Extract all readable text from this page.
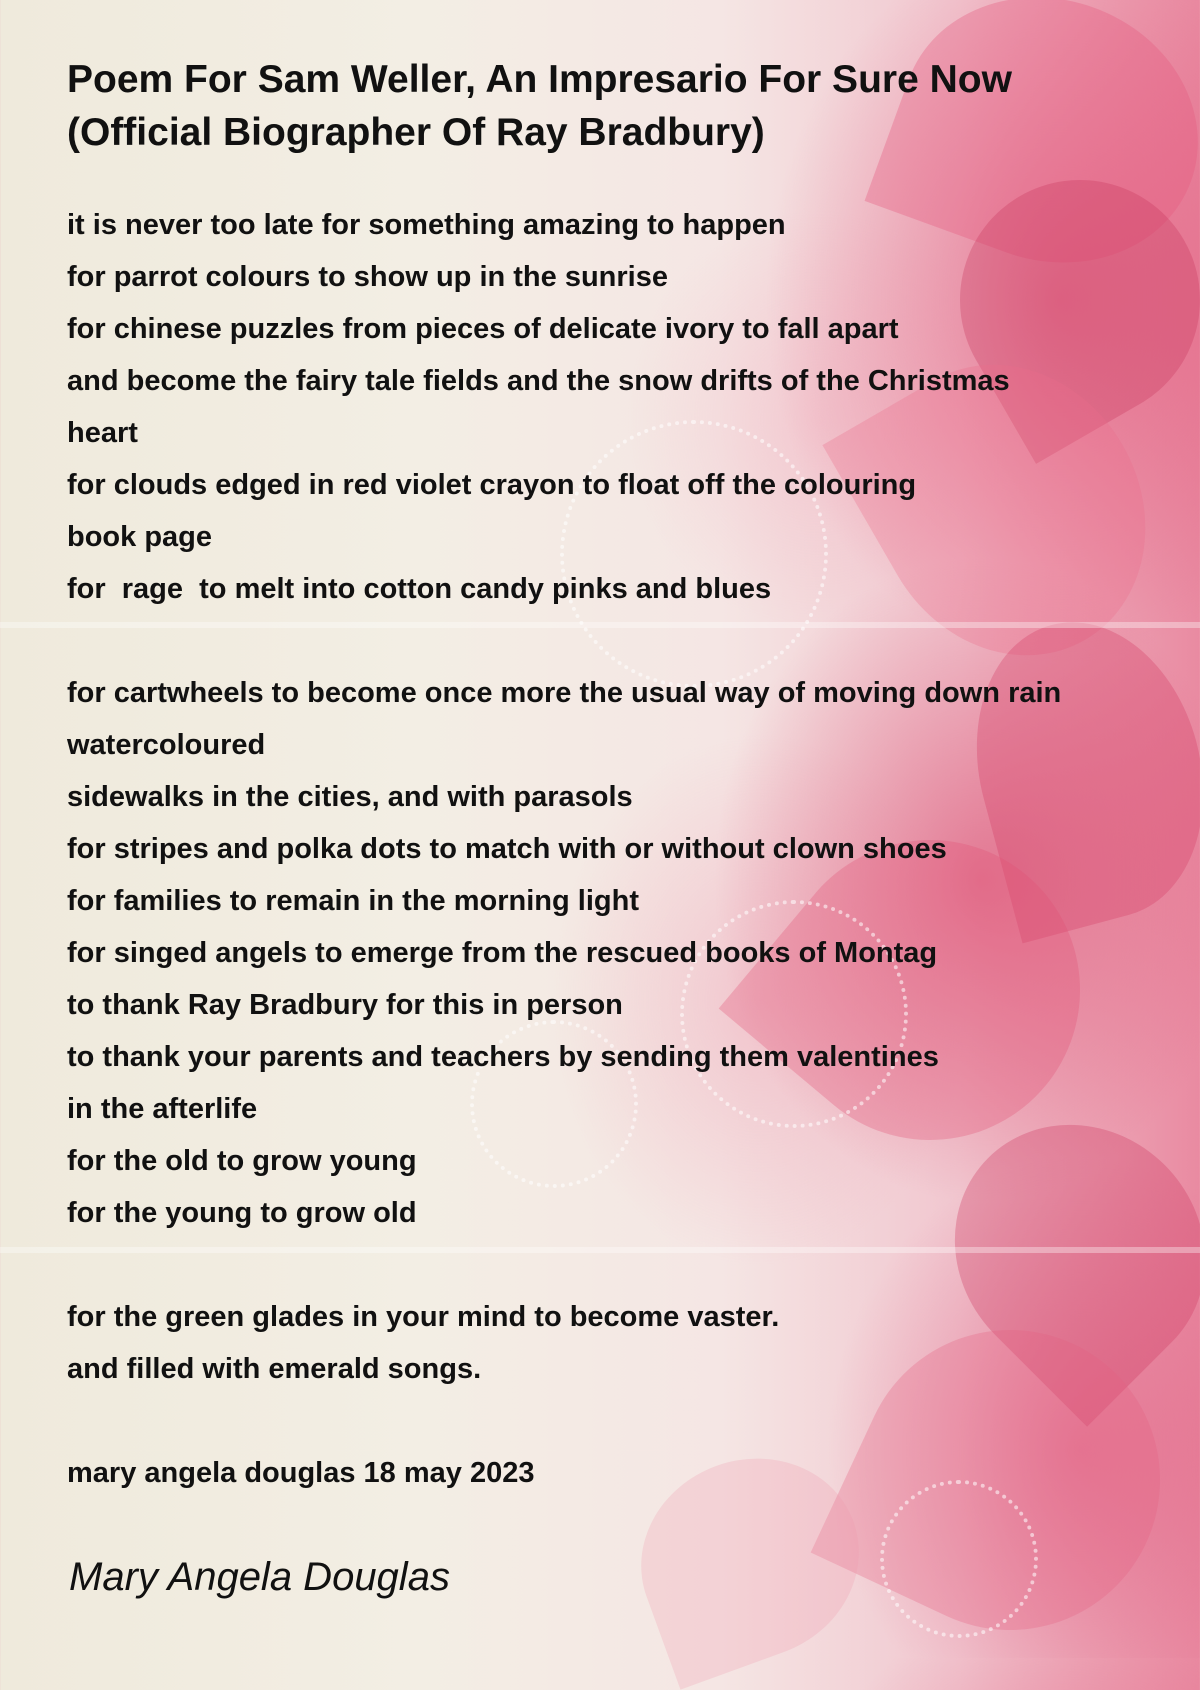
Poem For Sam Weller, An Impresario For Sure Now (Official Biographer Of Ray Bradbury)
it is never too late for something amazing to happen
for parrot colours to show up in the sunrise
for chinese puzzles from pieces of delicate ivory to fall apart
and become the fairy tale fields and the snow drifts of the Christmas
heart
for clouds edged in red violet crayon to float off the colouring
book page
for  rage  to melt into cotton candy pinks and blues
for cartwheels to become once more the usual way of moving down rain
watercoloured
sidewalks in the cities, and with parasols
for stripes and polka dots to match with or without clown shoes
for families to remain in the morning light
for singed angels to emerge from the rescued books of Montag
to thank Ray Bradbury for this in person
to thank your parents and teachers by sending them valentines
in the afterlife
for the old to grow young
for the young to grow old
for the green glades in your mind to become vaster.
and filled with emerald songs.
mary angela douglas 18 may 2023
Mary Angela Douglas
